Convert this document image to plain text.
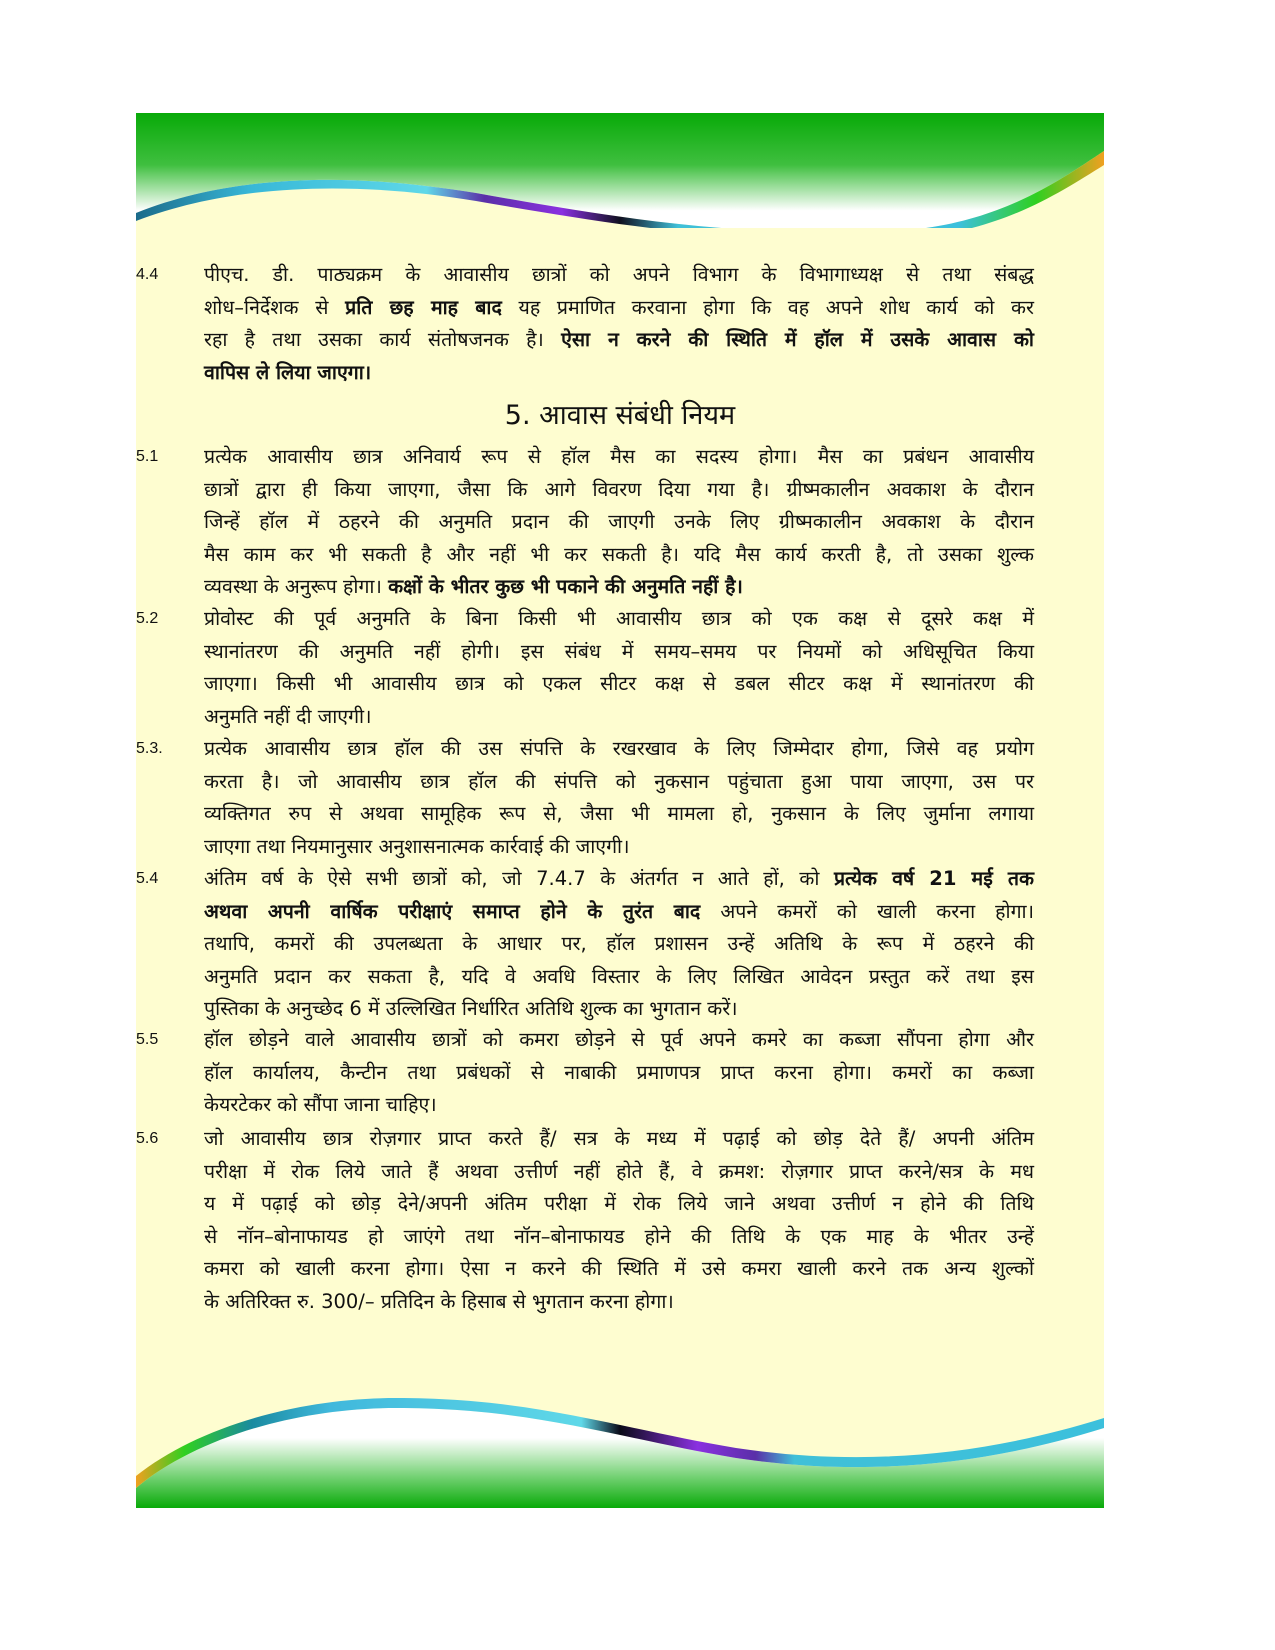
4.4	पीएच. डी. पाठ्यक्रम के आवासीय छात्रों को अपने विभाग के विभागाध्यक्ष से तथा संबद्ध
शोध–निर्देशक से प्रति छह माह बाद यह प्रमाणित करवाना होगा कि वह अपने शोध कार्य को कर
रहा है तथा उसका कार्य संतोषजनक है। ऐसा न करने की स्थिति में हॉल में उसके आवास को
वापिस ले लिया जाएगा।
5. आवास संबंधी नियम
5.1	प्रत्येक आवासीय छात्र अनिवार्य रूप से हॉल मैस का सदस्य होगा। मैस का प्रबंधन आवासीय
छात्रों द्वारा ही किया जाएगा, जैसा कि आगे विवरण दिया गया है। ग्रीष्मकालीन अवकाश के दौरान
जिन्हें हॉल में ठहरने की अनुमति प्रदान की जाएगी उनके लिए ग्रीष्मकालीन अवकाश के दौरान
मैस काम कर भी सकती है और नहीं भी कर सकती है। यदि मैस कार्य करती है, तो उसका शुल्क
व्यवस्था के अनुरूप होगा। कक्षों के भीतर कुछ भी पकाने की अनुमति नहीं है।
5.2	प्रोवोस्ट की पूर्व अनुमति के बिना किसी भी आवासीय छात्र को एक कक्ष से दूसरे कक्ष में
स्थानांतरण की अनुमति नहीं होगी। इस संबंध में समय–समय पर नियमों को अधिसूचित किया
जाएगा। किसी भी आवासीय छात्र को एकल सीटर कक्ष से डबल सीटर कक्ष में स्थानांतरण की
अनुमति नहीं दी जाएगी।
5.3.	प्रत्येक आवासीय छात्र हॉल की उस संपत्ति के रखरखाव के लिए जिम्मेदार होगा, जिसे वह प्रयोग
करता है। जो आवासीय छात्र हॉल की संपत्ति को नुकसान पहुंचाता हुआ पाया जाएगा, उस पर
व्यक्तिगत रुप से अथवा सामूहिक रूप से, जैसा भी मामला हो, नुकसान के लिए जुर्माना लगाया
जाएगा तथा नियमानुसार अनुशासनात्मक कार्रवाई की जाएगी।
5.4	अंतिम वर्ष के ऐसे सभी छात्रों को, जो 7.4.7 के अंतर्गत न आते हों, को प्रत्येक वर्ष 21 मई तक
अथवा अपनी वार्षिक परीक्षाएं समाप्त होने के तुरंत बाद अपने कमरों को खाली करना होगा।
तथापि, कमरों की उपलब्धता के आधार पर, हॉल प्रशासन उन्हें अतिथि के रूप में ठहरने की
अनुमति प्रदान कर सकता है, यदि वे अवधि विस्तार के लिए लिखित आवेदन प्रस्तुत करें तथा इस
पुस्तिका के अनुच्छेद 6 में उल्लिखित निर्धारित अतिथि शुल्क का भुगतान करें।
5.5	हॉल छोड़ने वाले आवासीय छात्रों को कमरा छोड़ने से पूर्व अपने कमरे का कब्जा सौंपना होगा और
हॉल कार्यालय, कैन्टीन तथा प्रबंधकों से नाबाकी प्रमाणपत्र प्राप्त करना होगा। कमरों का कब्जा
केयरटेकर को सौंपा जाना चाहिए।
5.6	जो आवासीय छात्र रोज़गार प्राप्त करते हैं/ सत्र के मध्य में पढ़ाई को छोड़ देते हैं/ अपनी अंतिम
परीक्षा में रोक लिये जाते हैं अथवा उत्तीर्ण नहीं होते हैं, वे क्रमश: रोज़गार प्राप्त करने/सत्र के मध
य में पढ़ाई को छोड़ देने/अपनी अंतिम परीक्षा में रोक लिये जाने अथवा उत्तीर्ण न होने की तिथि
से नॉन–बोनाफायड हो जाएंगे तथा नॉन–बोनाफायड होने की तिथि के एक माह के भीतर उन्हें
कमरा को खाली करना होगा। ऐसा न करने की स्थिति में उसे कमरा खाली करने तक अन्य शुल्कों
के अतिरिक्त रु. 300/– प्रतिदिन के हिसाब से भुगतान करना होगा।
